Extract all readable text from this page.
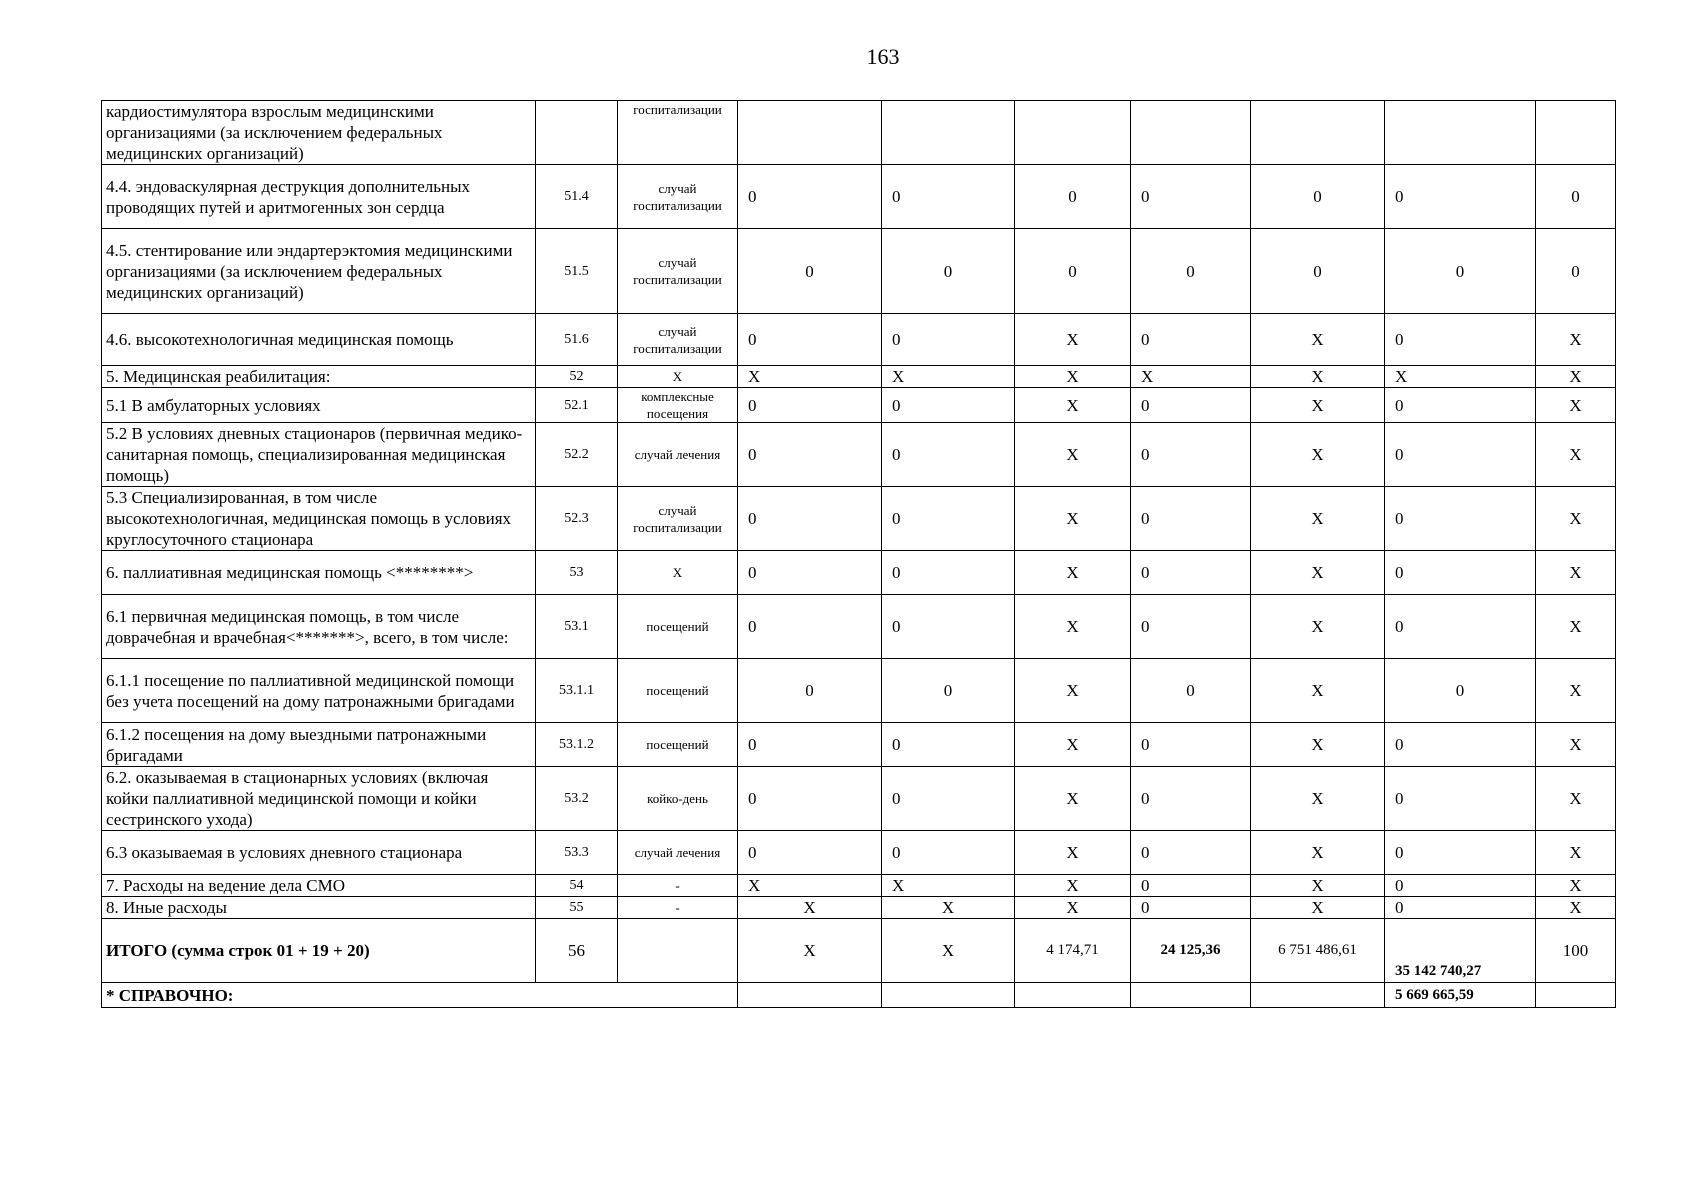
163
кардиостимулятора взрослым медицинскими организациями (за исключением федеральных медицинских организаций)		госпитализации							
4.4. эндоваскулярная деструкция дополнительных проводящих путей и аритмогенных зон сердца	51.4	случай госпитализации	0	0	0	0	0	0	0
4.5. стентирование или эндартерэктомия медицинскими организациями (за исключением федеральных медицинских организаций)	51.5	случай госпитализации	0	0	0	0	0	0	0
4.6. высокотехнологичная медицинская помощь	51.6	случай госпитализации	0	0	X	0	X	0	X
5. Медицинская реабилитация:	52	X	X	X	X	X	X	X	X
5.1 В амбулаторных условиях	52.1	комплексные посещения	0	0	X	0	X	0	X
5.2 В условиях дневных стационаров (первичная медико-санитарная помощь, специализированная медицинская помощь)	52.2	случай лечения	0	0	X	0	X	0	X
5.3 Специализированная, в том числе высокотехнологичная, медицинская помощь в условиях круглосуточного стационара	52.3	случай госпитализации	0	0	X	0	X	0	X
6. паллиативная медицинская помощь <********>	53	X	0	0	X	0	X	0	X
6.1 первичная медицинская помощь, в том числе доврачебная и врачебная<*******>, всего, в том числе:	53.1	посещений	0	0	X	0	X	0	X
6.1.1 посещение по паллиативной медицинской помощи без учета посещений на дому патронажными бригадами	53.1.1	посещений	0	0	X	0	X	0	X
6.1.2 посещения на дому выездными патронажными бригадами	53.1.2	посещений	0	0	X	0	X	0	X
6.2. оказываемая в стационарных условиях (включая койки паллиативной медицинской помощи и койки сестринского ухода)	53.2	койко-день	0	0	X	0	X	0	X
6.3 оказываемая в условиях дневного стационара	53.3	случай лечения	0	0	X	0	X	0	X
7. Расходы на ведение дела СМО	54	-	X	X	X	0	X	0	X
8. Иные расходы	55	-	X	X	X	0	X	0	X
ИТОГО (сумма строк 01 + 19 + 20)	56		X	X	4 174,71	24 125,36	6 751 486,61	35 142 740,27	100
* СПРАВОЧНО:								5 669 665,59	
